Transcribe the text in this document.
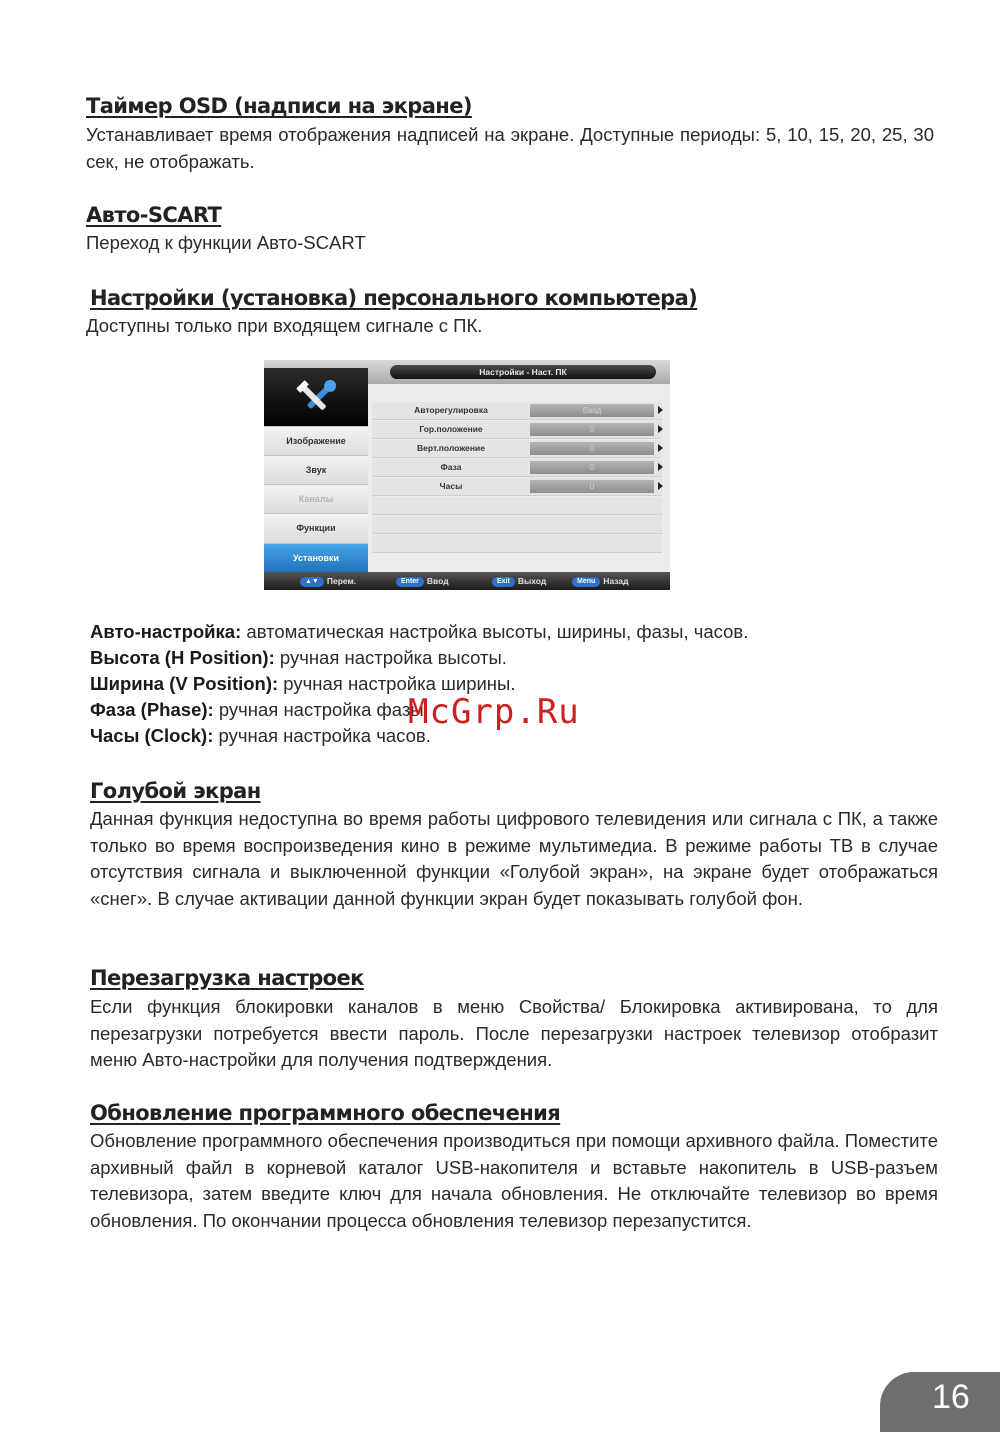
Таймер OSD (надписи на экране)
Устанавливает время отображения надписей на экране. Доступные периоды: 5, 10, 15, 20, 25, 30 сек, не отображать.
Авто-SCART
Переход к функции Авто-SCART
Настройки (установка) персонального компьютера)
Доступны только при входящем сигнале с ПК.
Настройки - Наст. ПК
Изображение
Звук
Каналы
Функции
Установки
Авторегулировка	Ввод
Гор.положение	0
Верт.положение	0
Фаза	0
Часы	0
▲▼ Перем.	Enter Ввод	Exit Выход	Menu Назад
Авто-настройка: автоматическая настройка высоты, ширины, фазы, часов.
Высота (H Position): ручная настройка высоты.
Ширина (V Position): ручная настройка ширины.
Фаза (Phase): ручная настройка фазы.
Часы (Clock): ручная настройка часов.
McGrp.Ru
Голубой экран
Данная функция недоступна во время работы цифрового телевидения или сигнала с ПК, а также только во время воспроизведения кино в режиме мультимедиа. В режиме работы ТВ в случае отсутствия сигнала и выключенной функции «Голубой экран», на экране будет отображаться «снег». В случае активации данной функции экран будет показывать голубой фон.
Перезагрузка настроек
Если функция блокировки каналов в меню Свойства/ Блокировка активирована, то для перезагрузки потребуется ввести пароль. После перезагрузки настроек телевизор отобразит меню Авто-настройки для получения подтверждения.
Обновление программного обеспечения
Обновление программного обеспечения производиться при помощи архивного файла. Поместите архивный файл в корневой каталог USB-накопителя и вставьте накопитель в USB-разъем телевизора, затем введите ключ для начала обновления. Не отключайте телевизор во время обновления. По окончании процесса обновления телевизор перезапустится.
16
